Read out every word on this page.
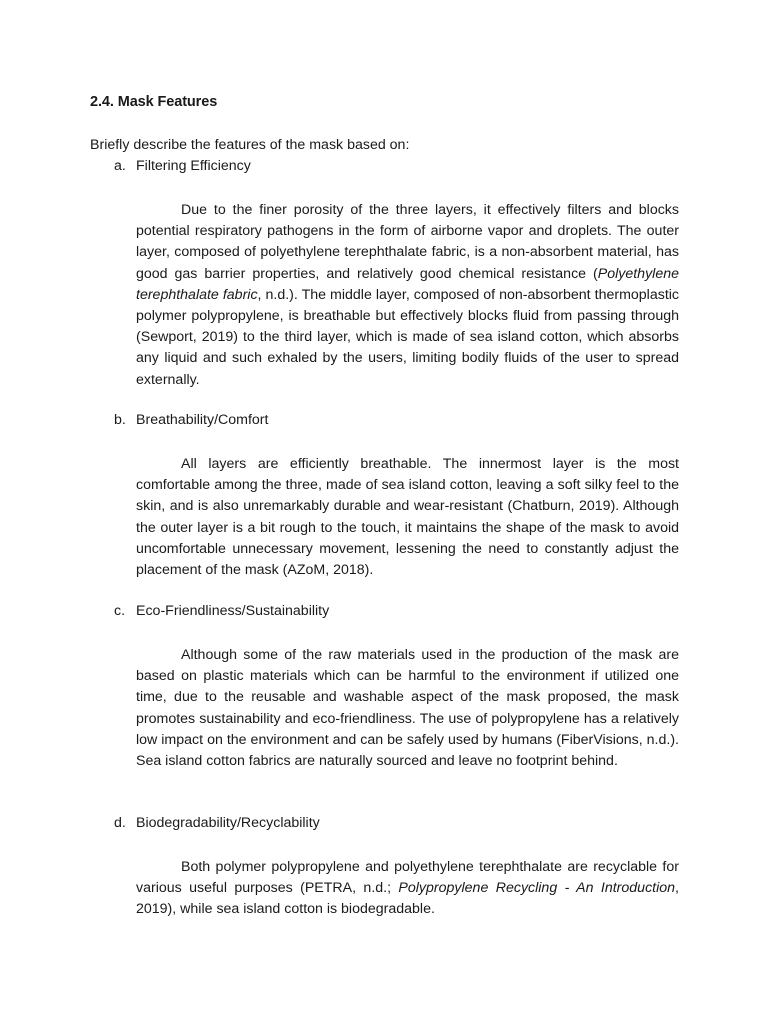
2.4. Mask Features
Briefly describe the features of the mask based on:
a. Filtering Efficiency

Due to the finer porosity of the three layers, it effectively filters and blocks potential respiratory pathogens in the form of airborne vapor and droplets. The outer layer, composed of polyethylene terephthalate fabric, is a non-absorbent material, has good gas barrier properties, and relatively good chemical resistance (Polyethylene terephthalate fabric, n.d.). The middle layer, composed of non-absorbent thermoplastic polymer polypropylene, is breathable but effectively blocks fluid from passing through (Sewport, 2019) to the third layer, which is made of sea island cotton, which absorbs any liquid and such exhaled by the users, limiting bodily fluids of the user to spread externally.

b. Breathability/Comfort

All layers are efficiently breathable. The innermost layer is the most comfortable among the three, made of sea island cotton, leaving a soft silky feel to the skin, and is also unremarkably durable and wear-resistant (Chatburn, 2019). Although the outer layer is a bit rough to the touch, it maintains the shape of the mask to avoid uncomfortable unnecessary movement, lessening the need to constantly adjust the placement of the mask (AZoM, 2018).

c. Eco-Friendliness/Sustainability

Although some of the raw materials used in the production of the mask are based on plastic materials which can be harmful to the environment if utilized one time, due to the reusable and washable aspect of the mask proposed, the mask promotes sustainability and eco-friendliness. The use of polypropylene has a relatively low impact on the environment and can be safely used by humans (FiberVisions, n.d.). Sea island cotton fabrics are naturally sourced and leave no footprint behind.

d. Biodegradability/Recyclability

Both polymer polypropylene and polyethylene terephthalate are recyclable for various useful purposes (PETRA, n.d.; Polypropylene Recycling - An Introduction, 2019), while sea island cotton is biodegradable.
